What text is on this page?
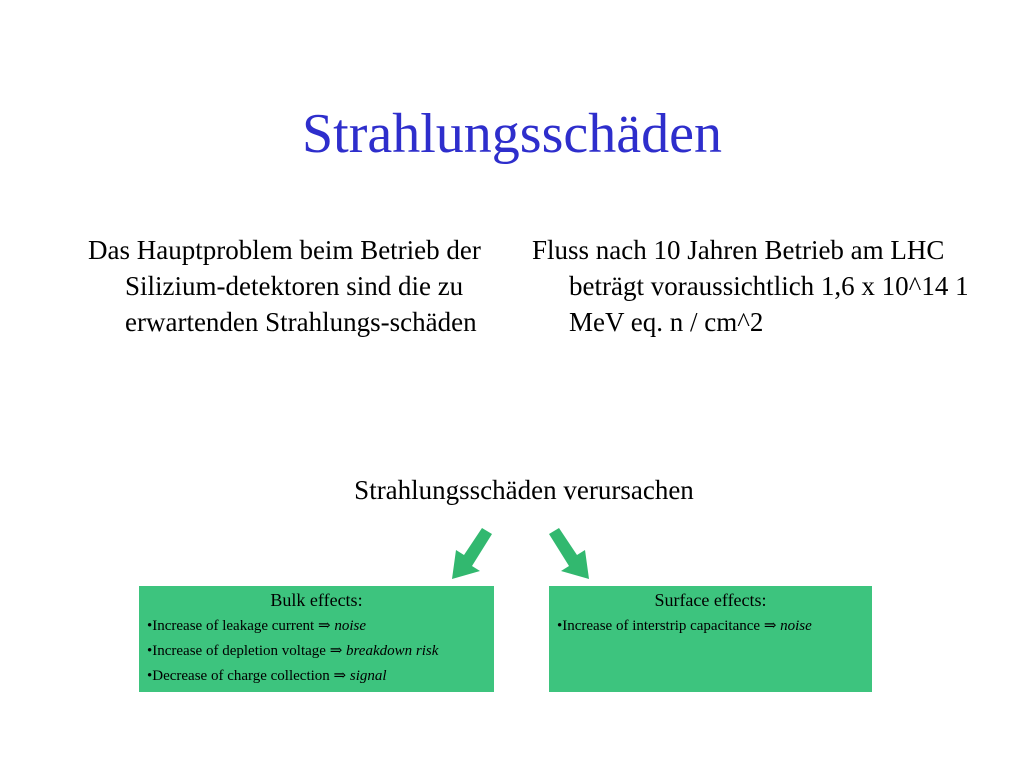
Strahlungsschäden
Das Hauptproblem beim Betrieb der Silizium-detektoren sind die zu erwartenden Strahlungs-schäden
Fluss nach 10 Jahren Betrieb am LHC beträgt voraussichtlich 1,6 x 10^14 1 MeV eq. n / cm^2
Strahlungsschäden verursachen
Bulk effects:
•Increase of leakage current ⇒ noise
•Increase of depletion voltage ⇒ breakdown risk
•Decrease of charge collection ⇒ signal
Surface effects:
•Increase of interstrip capacitance ⇒ noise
